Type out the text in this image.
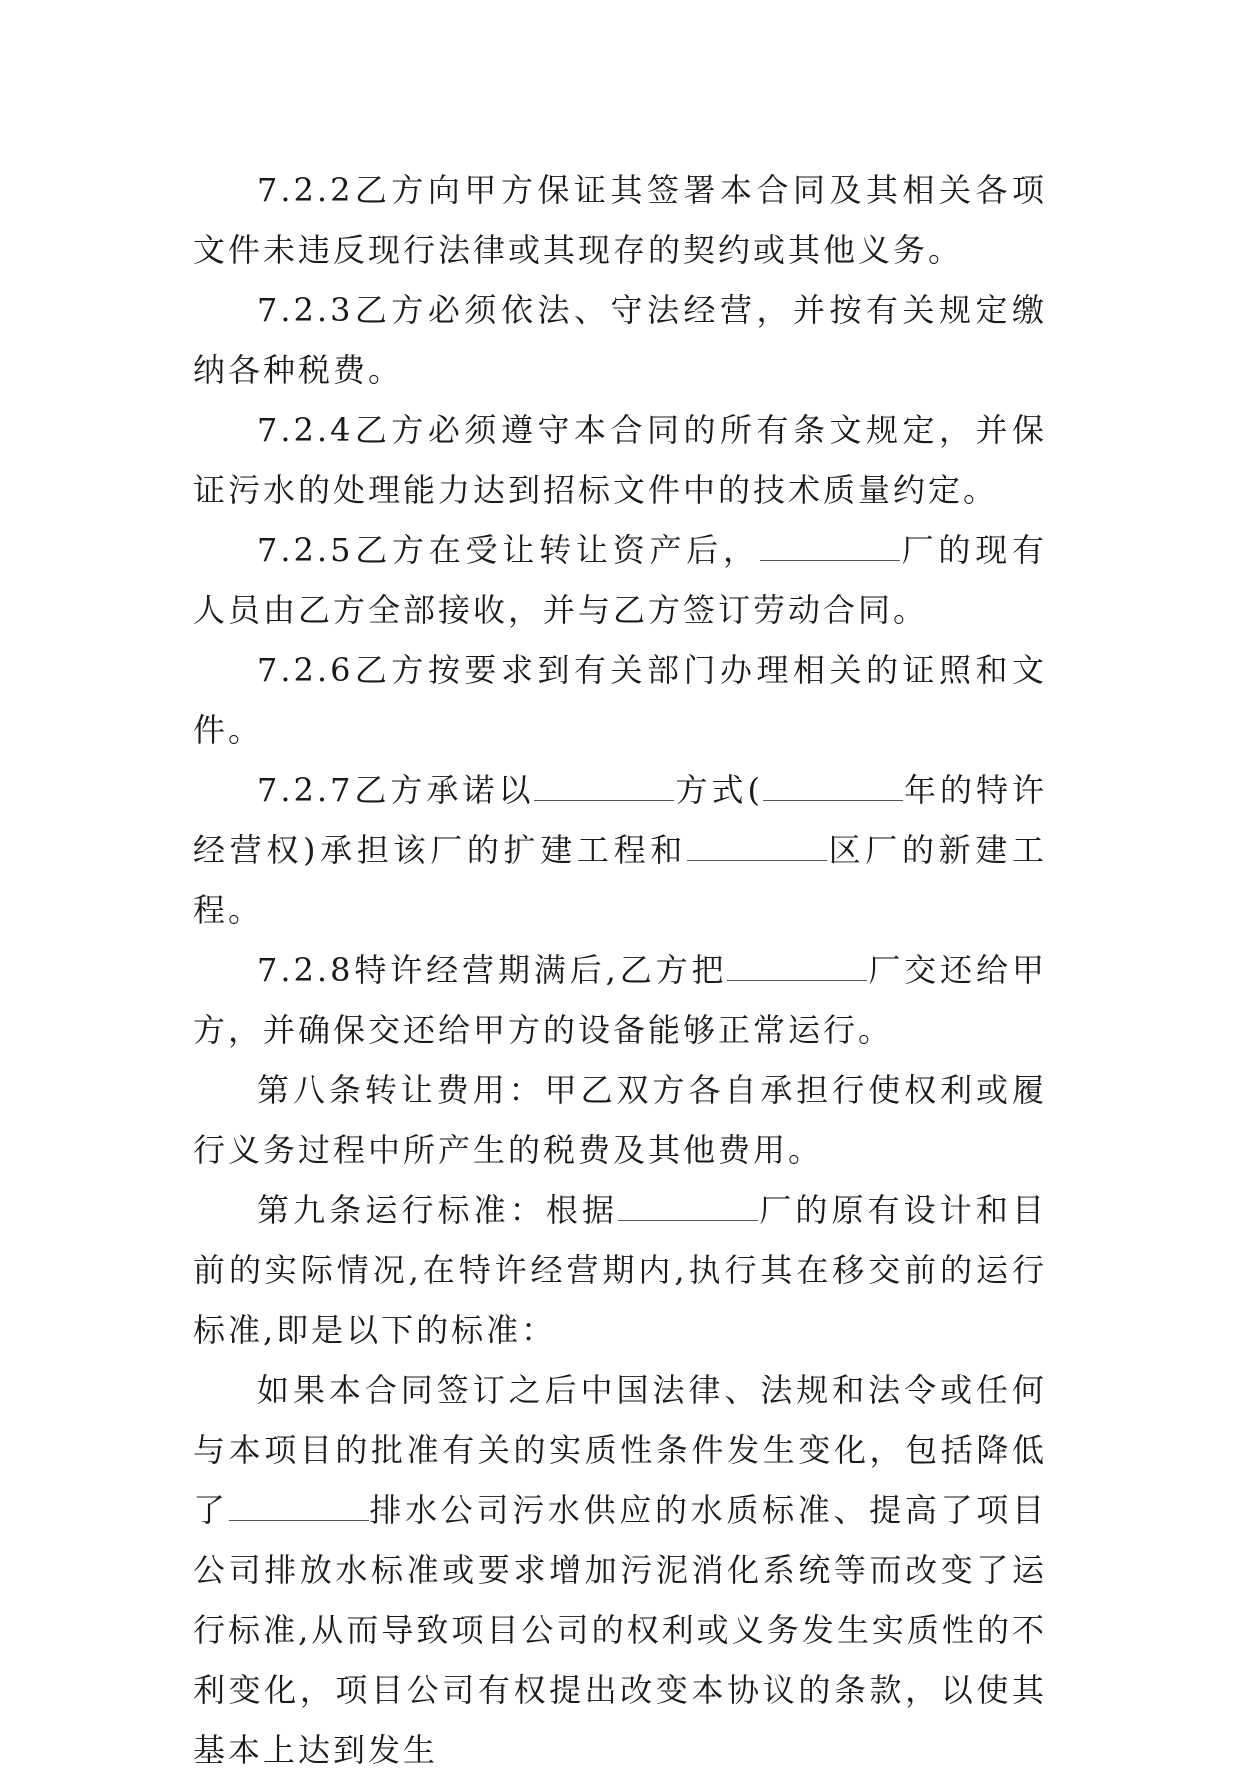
7.2.2乙方向甲方保证其签署本合同及其相关各项文件未违反现行法律或其现存的契约或其他义务。

7.2.3乙方必须依法、守法经营，并按有关规定缴纳各种税费。

7.2.4乙方必须遵守本合同的所有条文规定，并保证污水的处理能力达到招标文件中的技术质量约定。

7.2.5乙方在受让转让资产后，	厂的现有人员由乙方全部接收，并与乙方签订劳动合同。

7.2.6乙方按要求到有关部门办理相关的证照和文件。

7.2.7乙方承诺以	方式(	年的特许经营权)承担该厂的扩建工程和	区厂的新建工程。

7.2.8特许经营期满后,乙方把	厂交还给甲方，并确保交还给甲方的设备能够正常运行。

第八条转让费用：甲乙双方各自承担行使权利或履行义务过程中所产生的税费及其他费用。

第九条运行标准：根据	厂的原有设计和目前的实际情况,在特许经营期内,执行其在移交前的运行标准,即是以下的标准：

如果本合同签订之后中国法律、法规和法令或任何与本项目的批准有关的实质性条件发生变化，包括降低了	排水公司污水供应的水质标准、提高了项目公司排放水标准或要求增加污泥消化系统等而改变了运行标准,从而导致项目公司的权利或义务发生实质性的不利变化，项目公司有权提出改变本协议的条款，以使其基本上达到发生
